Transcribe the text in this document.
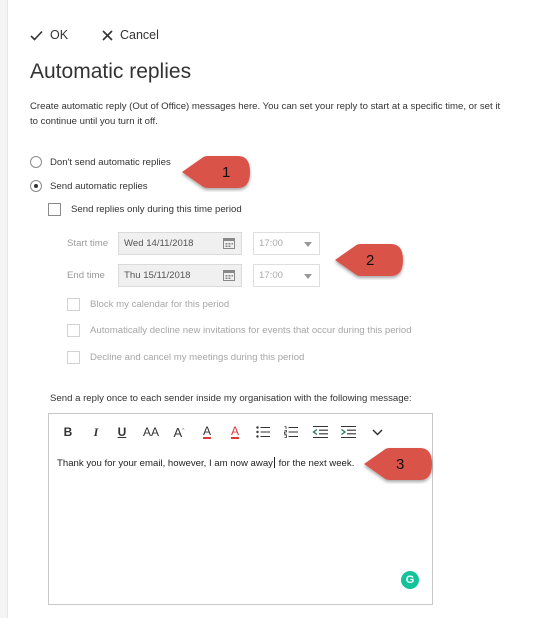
OK	Cancel
Automatic replies
Create automatic reply (Out of Office) messages here. You can set your reply to start at a specific time, or set it
to continue until you turn it off.
Don't send automatic replies
Send automatic replies
Send replies only during this time period
Start time Wed 14/11/2018	17:00
End time Thu 15/11/2018	17:00
Block my calendar for this period
Automatically decline new invitations for events that occur during this period
Decline and cancel my meetings during this period
Send a reply once to each sender inside my organisation with the following message:
B I U AA A ˆ A A
Thank you for your email, however, I am now away for the next week.
G
1
2
3
